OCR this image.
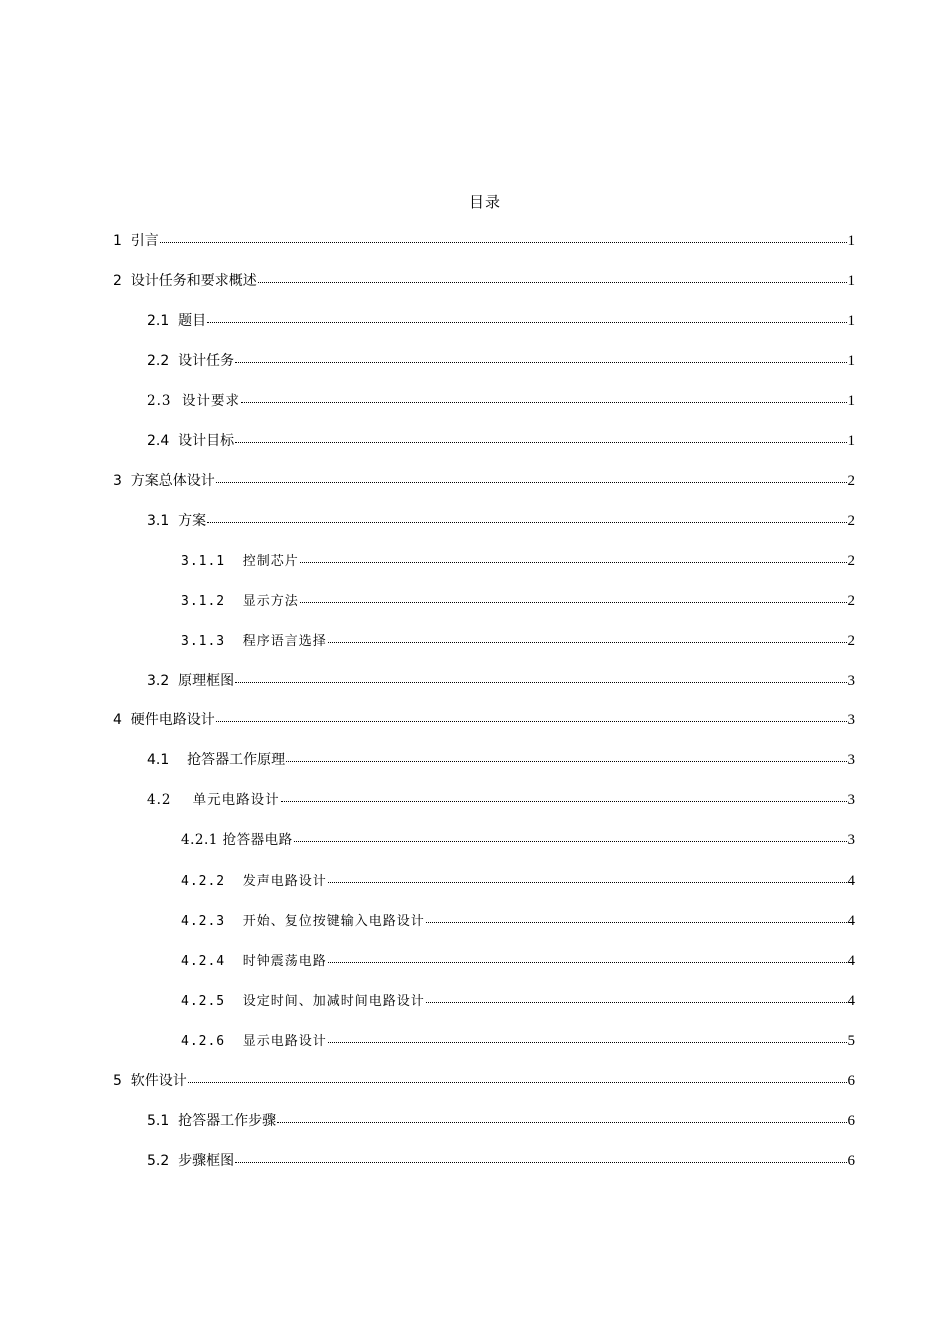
目录
1  引言	1
2  设计任务和要求概述	1
2.1  题目	1
2.2  设计任务	1
2.3  设计要求	1
2.4  设计目标	1
3  方案总体设计	2
3.1  方案	2
3.1.1  控制芯片	2
3.1.2  显示方法	2
3.1.3  程序语言选择	2
3.2  原理框图	3
4  硬件电路设计	3
4.1    抢答器工作原理	3
4.2    单元电路设计	3
4.2.1 抢答器电路	3
4.2.2  发声电路设计	4
4.2.3  开始、复位按键输入电路设计	4
4.2.4  时钟震荡电路	4
4.2.5  设定时间、加减时间电路设计	4
4.2.6  显示电路设计	5
5  软件设计	6
5.1  抢答器工作步骤	6
5.2  步骤框图	6
